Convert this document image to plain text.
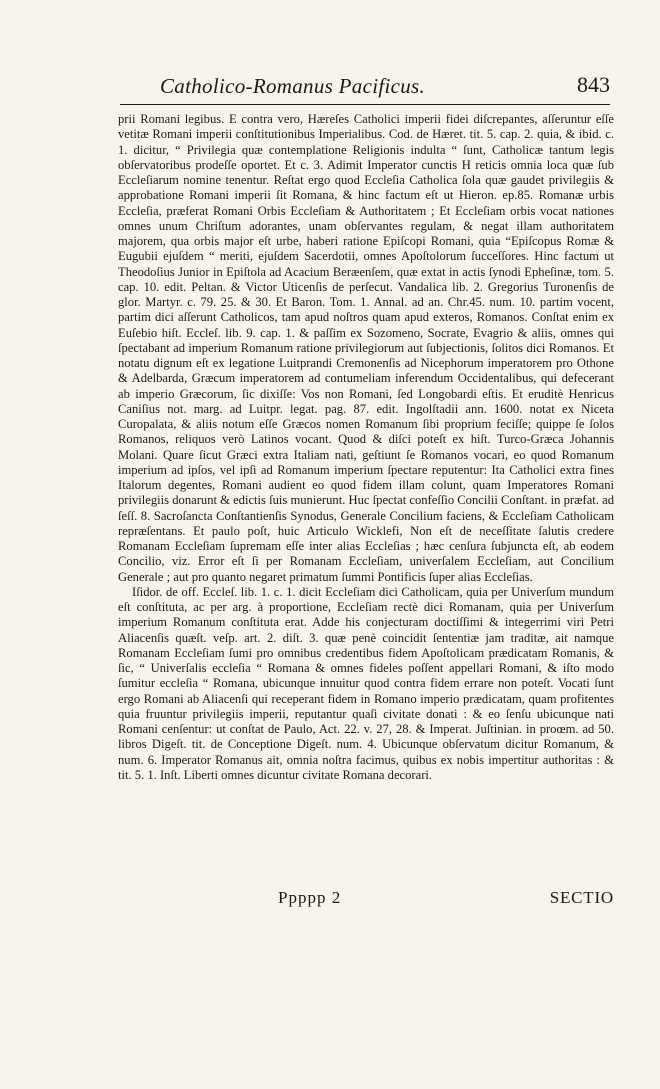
Catholico-Romanus Pacificus.	843

prii Romani legibus. E contra vero, Hæreſes Catholici imperii fidei diſcrepantes, aſſeruntur eſſe vetitæ Romani imperii conſtitutionibus Imperialibus. Cod. de Hæret. tit. 5. cap. 2. quia, & ibid. c. 1. dicitur, “ Privilegia quæ contemplatione Religionis indulta “ ſunt, Catholicæ tantum legis obſervatoribus prodeſſe oportet. Et c. 3. Adimit Imperator cunctis H reticis omnia loca quæ ſub Eccleſiarum nomine tenentur. Reſtat ergo quod Eccleſia Catholica ſola quæ gaudet privilegiis & approbatione Romani imperii ſit Romana, & hinc factum eſt ut Hieron. ep.85. Romanæ urbis Eccleſia, præferat Romani Orbis Eccleſiam & Authoritatem ; Et Eccleſiam orbis vocat nationes omnes unum Chriſtum adorantes, unam obſervantes regulam, & negat illam authoritatem majorem, qua orbis major eſt urbe, haberi ratione Epiſcopi Romani, quia “Epiſcopus Romæ & Eugubii ejuſdem “ meriti, ejuſdem Sacerdotii, omnes Apoſtolorum ſucceſſores. Hinc factum ut Theodoſius Junior in Epiſtola ad Acacium Beræenſem, quæ extat in actis ſynodi Epheſinæ, tom. 5. cap. 10. edit. Peltan. & Victor Uticenſis de perſecut. Vandalica lib. 2. Gregorius Turonenſis de glor. Martyr. c. 79. 25. & 30. Et Baron. Tom. 1. Annal. ad an. Chr.45. num. 10. partim vocent, partim dici aſſerunt Catholicos, tam apud noſtros quam apud exteros, Romanos. Conſtat enim ex Euſebio hiſt. Eccleſ. lib. 9. cap. 1. & paſſim ex Sozomeno, Socrate, Evagrio & aliis, omnes qui ſpectabant ad imperium Romanum ratione privilegiorum aut ſubjectionis, ſolitos dici Romanos. Et notatu dignum eſt ex legatione Luitprandi Cremonenſis ad Nicephorum imperatorem pro Othone & Adelbarda, Græcum imperatorem ad contumeliam inferendum Occidentalibus, qui defecerant ab imperio Græcorum, ſic dixiſſe: Vos non Romani, ſed Longobardi eſtis. Et eruditè Henricus Caniſius not. marg. ad Luitpr. legat. pag. 87. edit. Ingolſtadii ann. 1600. notat ex Niceta Curopalata, & aliis notum eſſe Græcos nomen Romanum ſibi proprium feciſſe; quippe ſe ſolos Romanos, reliquos verò Latinos vocant. Quod & diſci poteſt ex hiſt. Turco-Græca Johannis Molani. Quare ſicut Græci extra Italiam nati, geſtiunt ſe Romanos vocari, eo quod Romanum imperium ad ipſos, vel ipſi ad Romanum imperium ſpectare reputentur: Ita Catholici extra fines Italorum degentes, Romani audient eo quod fidem illam colunt, quam Imperatores Romani privilegiis donarunt & edictis ſuis munierunt. Huc ſpectat confeſſio Concilii Conſtant. in præfat. ad ſeſſ. 8. Sacroſancta Conſtantienſis Synodus, Generale Concilium faciens, & Eccleſiam Catholicam repræſentans. Et paulo poſt, huic Articulo Wicklefi, Non eſt de neceſſitate ſalutis credere Romanam Eccleſiam ſupremam eſſe inter alias Eccleſias ; hæc cenſura ſubjuncta eſt, ab eodem Concilio, viz. Error eſt ſi per Romanam Eccleſiam, univerſalem Eccleſiam, aut Concilium Generale ; aut pro quanto negaret primatum ſummi Pontificis ſuper alias Eccleſias.

Iſidor. de off. Eccleſ. lib. 1. c. 1. dicit Eccleſiam dici Catholicam, quia per Univerſum mundum eſt conſtituta, ac per arg. à proportione, Eccleſiam rectè dici Romanam, quia per Univerſum imperium Romanum conſtituta erat. Adde his conjecturam doctiſſimi & integerrimi viri Petri Aliacenſis quæſt. veſp. art. 2. diſt. 3. quæ penè coincidit ſententiæ jam traditæ, ait namque Romanam Eccleſiam ſumi pro omnibus credentibus fidem Apoſtolicam prædicatam Romanis, & ſic, “ Univerſalis eccleſia “ Romana & omnes fideles poſſent appellari Romani, & iſto modo ſumitur eccleſia “ Romana, ubicunque innuitur quod contra fidem errare non poteſt. Vocati ſunt ergo Romani ab Aliacenſi qui receperant fidem in Romano imperio prædicatam, quam profitentes quia fruuntur privilegiis imperii, reputantur quaſi civitate donati : & eo ſenſu ubicunque nati Romani cenſentur: ut conſtat de Paulo, Act. 22. v. 27, 28. & Imperat. Juſtinian. in proœm. ad 50. libros Digeſt. tit. de Conceptione Digeſt. num. 4. Ubicunque obſervatum dicitur Romanum, & num. 6. Imperator Romanus ait, omnia noſtra facimus, quibus ex nobis impertitur authoritas : & tit. 5. 1. Inſt. Liberti omnes dicuntur civitate Romana decorari.

Ppppp 2	SECTIO
